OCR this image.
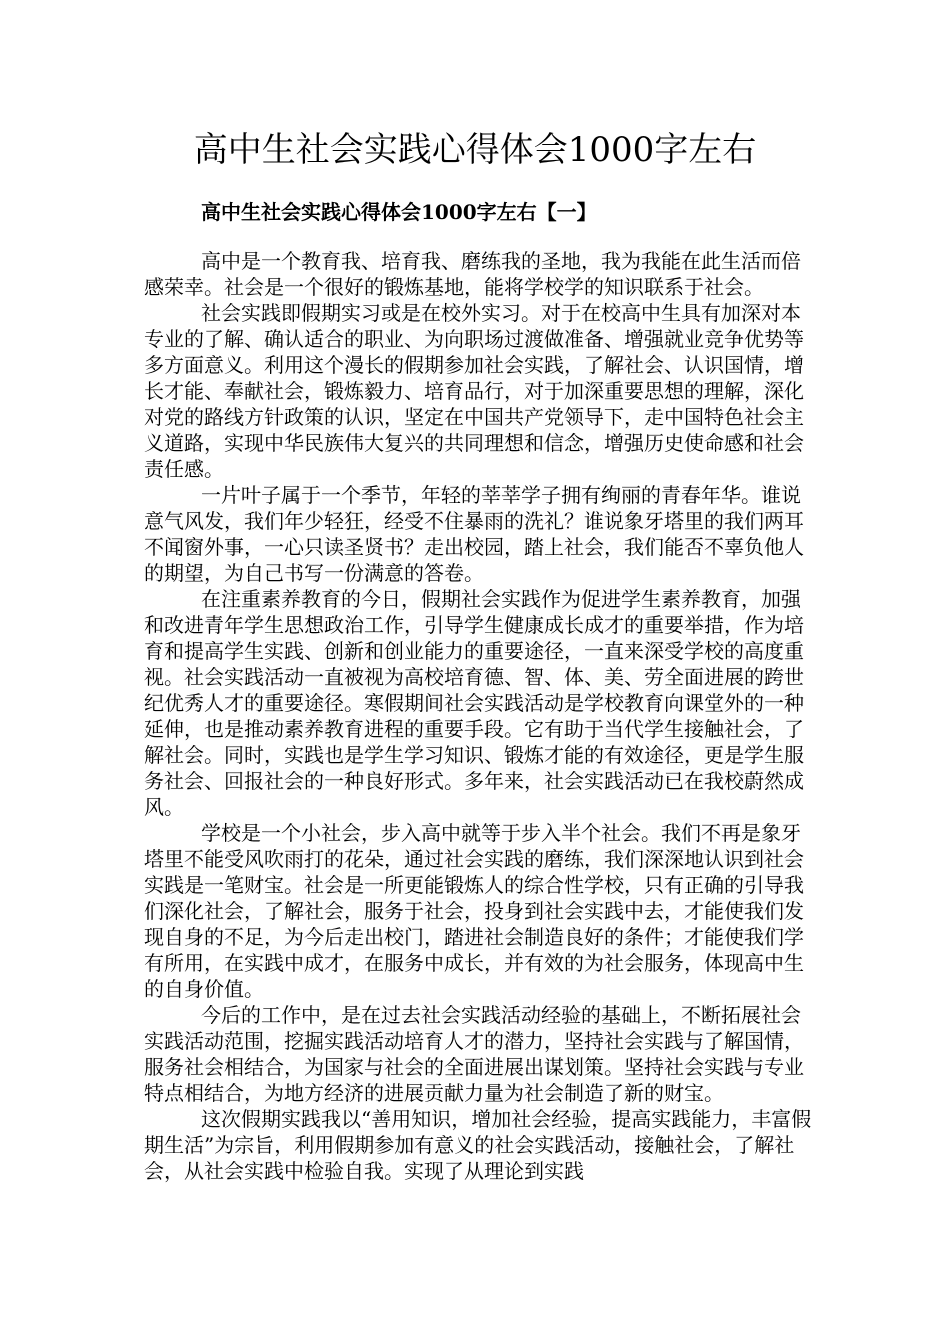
高中生社会实践心得体会1000字左右
高中生社会实践心得体会1000字左右【一】

高中是一个教育我、培育我、磨练我的圣地，我为我能在此生活而倍感荣幸。社会是一个很好的锻炼基地，能将学校学的知识联系于社会。

社会实践即假期实习或是在校外实习。对于在校高中生具有加深对本专业的了解、确认适合的职业、为向职场过渡做准备、增强就业竞争优势等多方面意义。利用这个漫长的假期参加社会实践，了解社会、认识国情，增长才能、奉献社会，锻炼毅力、培育品行，对于加深重要思想的理解，深化对党的路线方针政策的认识，坚定在中国共产党领导下，走中国特色社会主义道路，实现中华民族伟大复兴的共同理想和信念，增强历史使命感和社会责任感。

一片叶子属于一个季节，年轻的莘莘学子拥有绚丽的青春年华。谁说意气风发，我们年少轻狂，经受不住暴雨的洗礼？谁说象牙塔里的我们两耳不闻窗外事，一心只读圣贤书？走出校园，踏上社会，我们能否不辜负他人的期望，为自己书写一份满意的答卷。

在注重素养教育的今日，假期社会实践作为促进学生素养教育，加强和改进青年学生思想政治工作，引导学生健康成长成才的重要举措，作为培育和提高学生实践、创新和创业能力的重要途径，一直来深受学校的高度重视。社会实践活动一直被视为高校培育德、智、体、美、劳全面进展的跨世纪优秀人才的重要途径。寒假期间社会实践活动是学校教育向课堂外的一种延伸，也是推动素养教育进程的重要手段。它有助于当代学生接触社会，了解社会。同时，实践也是学生学习知识、锻炼才能的有效途径，更是学生服务社会、回报社会的一种良好形式。多年来，社会实践活动已在我校蔚然成风。

学校是一个小社会，步入高中就等于步入半个社会。我们不再是象牙塔里不能受风吹雨打的花朵，通过社会实践的磨练，我们深深地认识到社会实践是一笔财宝。社会是一所更能锻炼人的综合性学校，只有正确的引导我们深化社会，了解社会，服务于社会，投身到社会实践中去，才能使我们发现自身的不足，为今后走出校门，踏进社会制造良好的条件；才能使我们学有所用，在实践中成才，在服务中成长，并有效的为社会服务，体现高中生的自身价值。

今后的工作中，是在过去社会实践活动经验的基础上，不断拓展社会实践活动范围，挖掘实践活动培育人才的潜力，坚持社会实践与了解国情，服务社会相结合，为国家与社会的全面进展出谋划策。坚持社会实践与专业特点相结合，为地方经济的进展贡献力量为社会制造了新的财宝。

这次假期实践我以“善用知识，增加社会经验，提高实践能力，丰富假期生活”为宗旨，利用假期参加有意义的社会实践活动，接触社会，了解社会，从社会实践中检验自我。实现了从理论到实践
